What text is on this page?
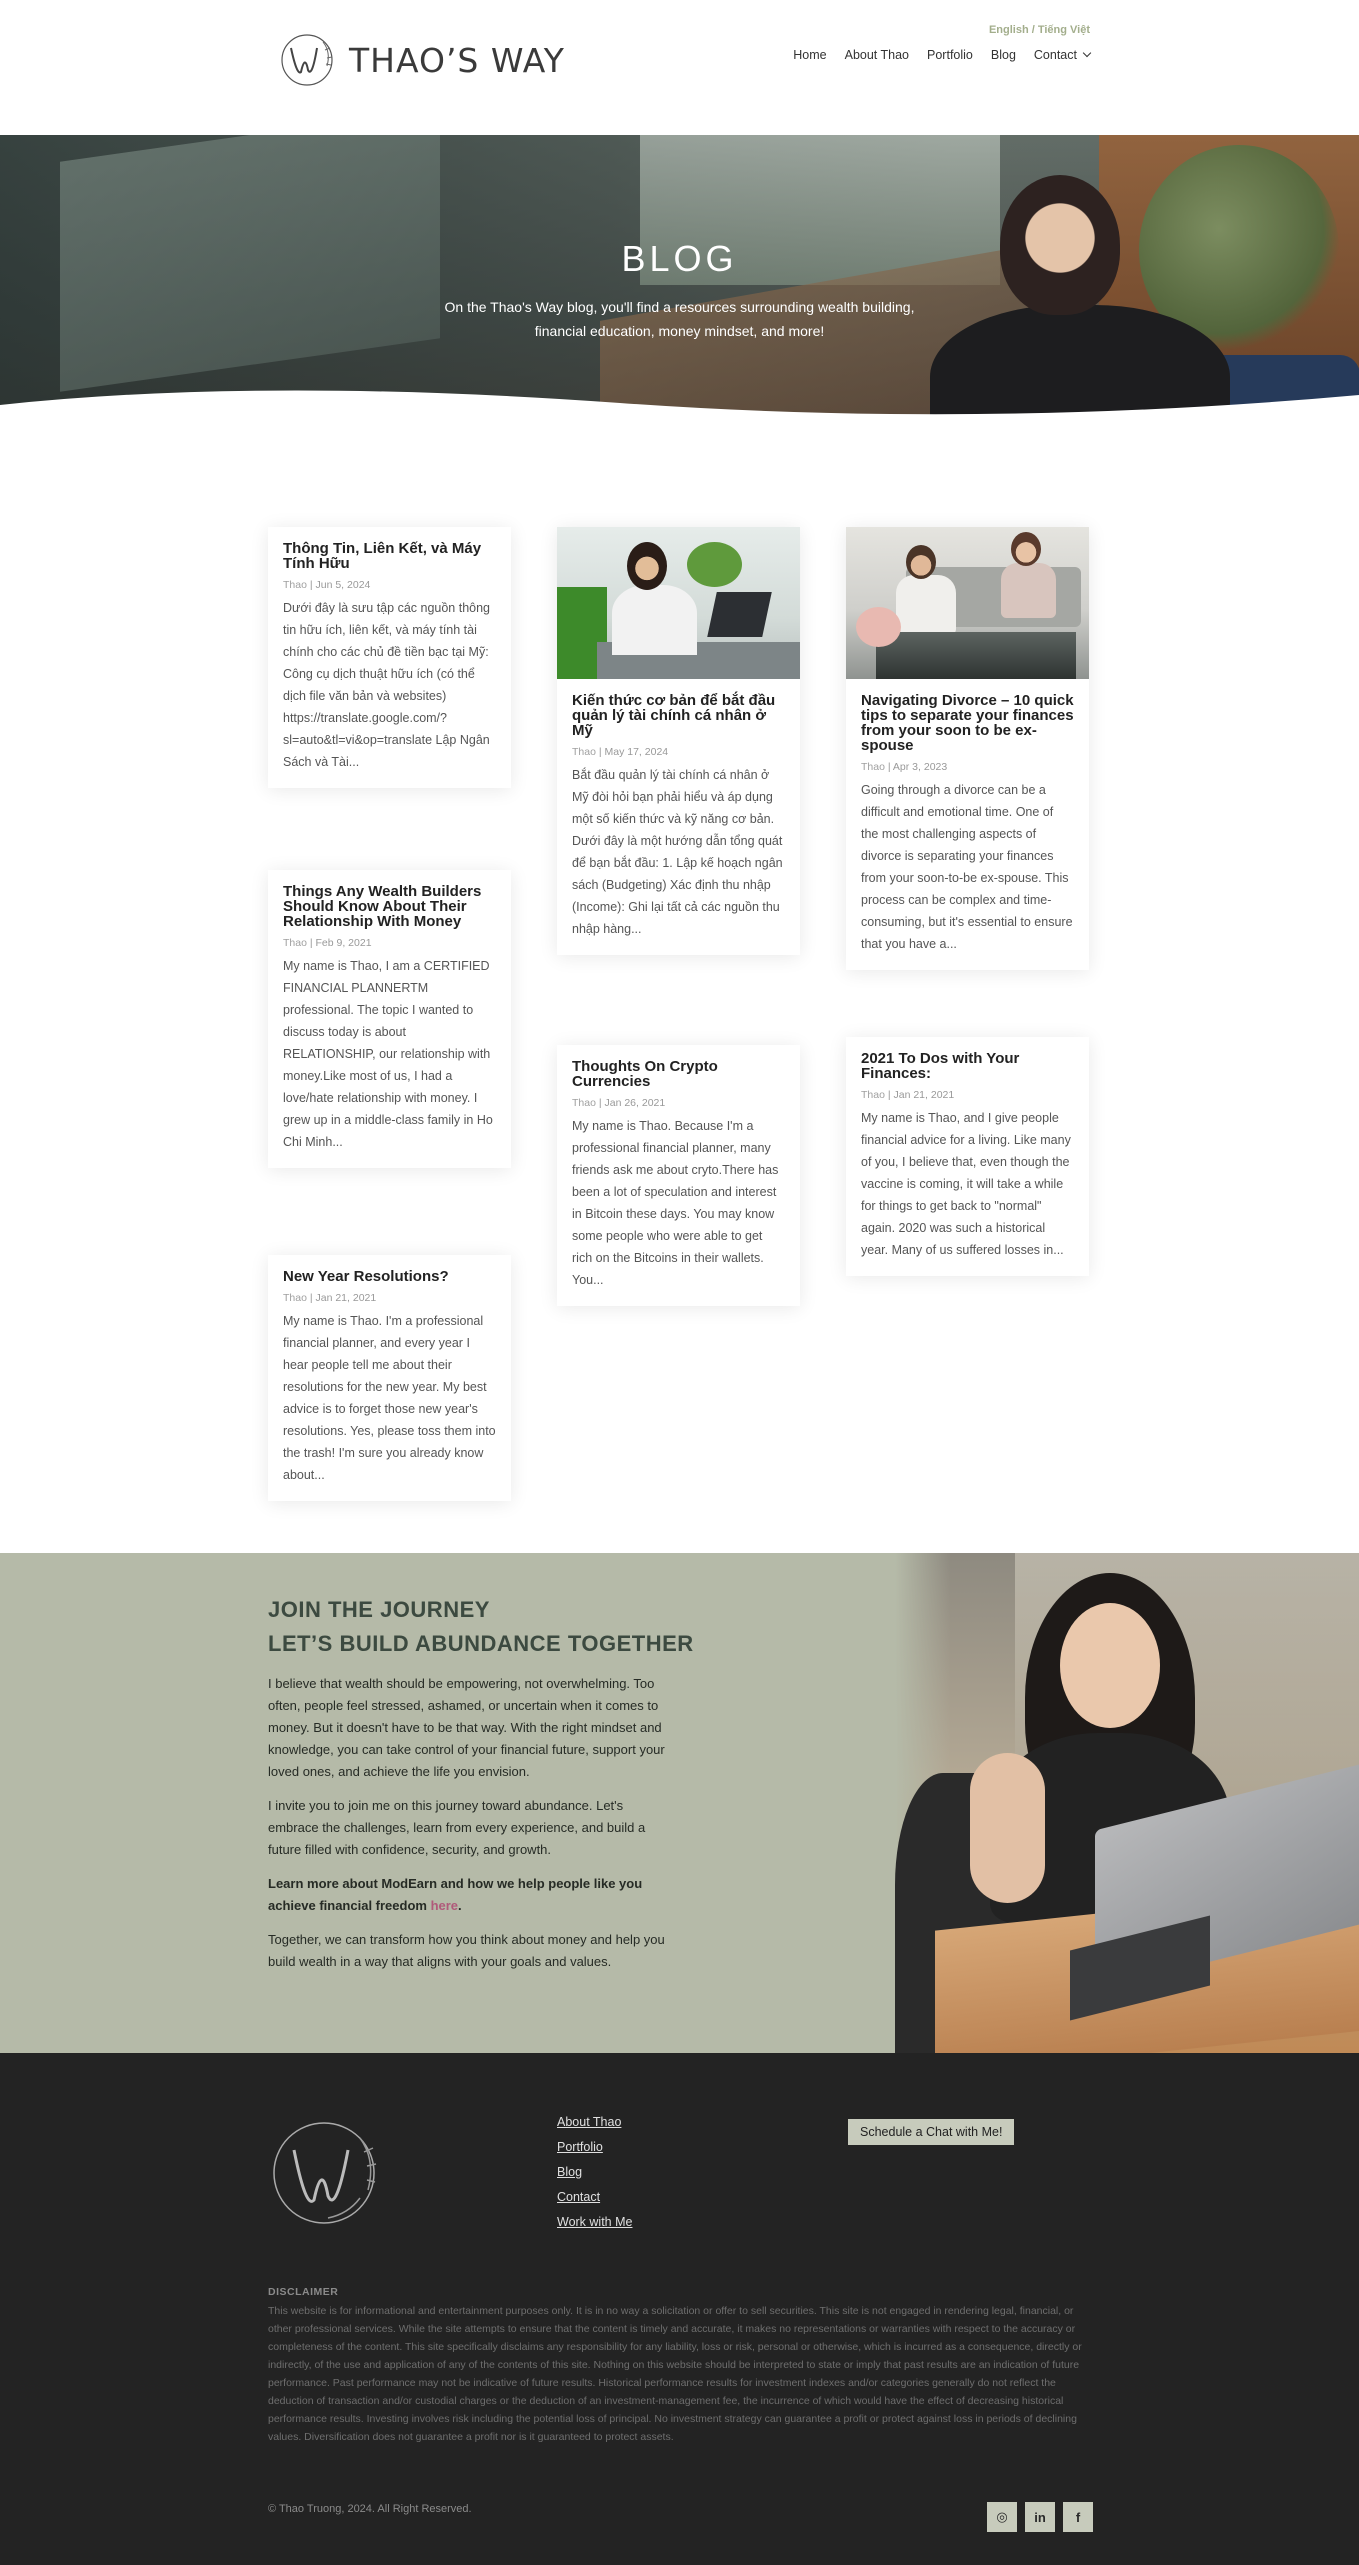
THAO’S WAY
English / Tiếng Việt
Home About Thao Portfolio Blog Contact
BLOG
On the Thao's Way blog, you'll find a resources surrounding wealth building,
financial education, money mindset, and more!
Thông Tin, Liên Kết, và Máy Tính Hữu
Thao | Jun 5, 2024

Dưới đây là sưu tập các nguồn thông tin hữu ích, liên kết, và máy tính tài chính cho các chủ đề tiền bạc tại Mỹ: Công cụ dịch thuật hữu ích (có thể dịch file văn bản và websites) https://translate.google.com/?sl=auto&tl=vi&op=translate Lập Ngân Sách và Tài...

Things Any Wealth Builders Should Know About Their Relationship With Money
Thao | Feb 9, 2021

My name is Thao, I am a CERTIFIED FINANCIAL PLANNERTM professional. The topic I wanted to discuss today is about RELATIONSHIP, our relationship with money.Like most of us, I had a love/hate relationship with money. I grew up in a middle-class family in Ho Chi Minh...

New Year Resolutions?
Thao | Jan 21, 2021

My name is Thao. I'm a professional financial planner, and every year I hear people tell me about their resolutions for the new year. My best advice is to forget those new year's resolutions. Yes, please toss them into the trash! I'm sure you already know about...

Kiến thức cơ bản để bắt đầu quản lý tài chính cá nhân ở Mỹ
Thao | May 17, 2024

Bắt đầu quản lý tài chính cá nhân ở Mỹ đòi hỏi bạn phải hiểu và áp dụng một số kiến thức và kỹ năng cơ bản. Dưới đây là một hướng dẫn tổng quát để bạn bắt đầu: 1. Lập kế hoạch ngân sách (Budgeting) Xác định thu nhập (Income): Ghi lại tất cả các nguồn thu nhập hàng...

Thoughts On Crypto Currencies
Thao | Jan 26, 2021

My name is Thao. Because I'm a professional financial planner, many friends ask me about cryto.There has been a lot of speculation and interest in Bitcoin these days. You may know some people who were able to get rich on the Bitcoins in their wallets. You...

Navigating Divorce – 10 quick tips to separate your finances from your soon to be ex-spouse
Thao | Apr 3, 2023

Going through a divorce can be a difficult and emotional time. One of the most challenging aspects of divorce is separating your finances from your soon-to-be ex-spouse. This process can be complex and time-consuming, but it's essential to ensure that you have a...

2021 To Dos with Your Finances:
Thao | Jan 21, 2021

My name is Thao, and I give people financial advice for a living. Like many of you, I believe that, even though the vaccine is coming, it will take a while for things to get back to "normal" again. 2020 was such a historical year. Many of us suffered losses in...

JOIN THE JOURNEY
LET’S BUILD ABUNDANCE TOGETHER

I believe that wealth should be empowering, not overwhelming. Too often, people feel stressed, ashamed, or uncertain when it comes to money. But it doesn't have to be that way. With the right mindset and knowledge, you can take control of your financial future, support your loved ones, and achieve the life you envision.

I invite you to join me on this journey toward abundance. Let's embrace the challenges, learn from every experience, and build a future filled with confidence, security, and growth.

Learn more about ModEarn and how we help people like you achieve financial freedom here.

Together, we can transform how you think about money and help you build wealth in a way that aligns with your goals and values.

About Thao
Portfolio
Blog
Contact
Work with Me
Schedule a Chat with Me!
DISCLAIMER

This website is for informational and entertainment purposes only. It is in no way a solicitation or offer to sell securities. This site is not engaged in rendering legal, financial, or other professional services. While the site attempts to ensure that the content is timely and accurate, it makes no representations or warranties with respect to the accuracy or completeness of the content. This site specifically disclaims any responsibility for any liability, loss or risk, personal or otherwise, which is incurred as a consequence, directly or indirectly, of the use and application of any of the contents of this site. Nothing on this website should be interpreted to state or imply that past results are an indication of future performance. Past performance may not be indicative of future results. Historical performance results for investment indexes and/or categories generally do not reflect the deduction of transaction and/or custodial charges or the deduction of an investment-management fee, the incurrence of which would have the effect of decreasing historical performance results. Investing involves risk including the potential loss of principal. No investment strategy can guarantee a profit or protect against loss in periods of declining values. Diversification does not guarantee a profit nor is it guaranteed to protect assets.

© Thao Truong, 2024. All Right Reserved.	◎	in	f
